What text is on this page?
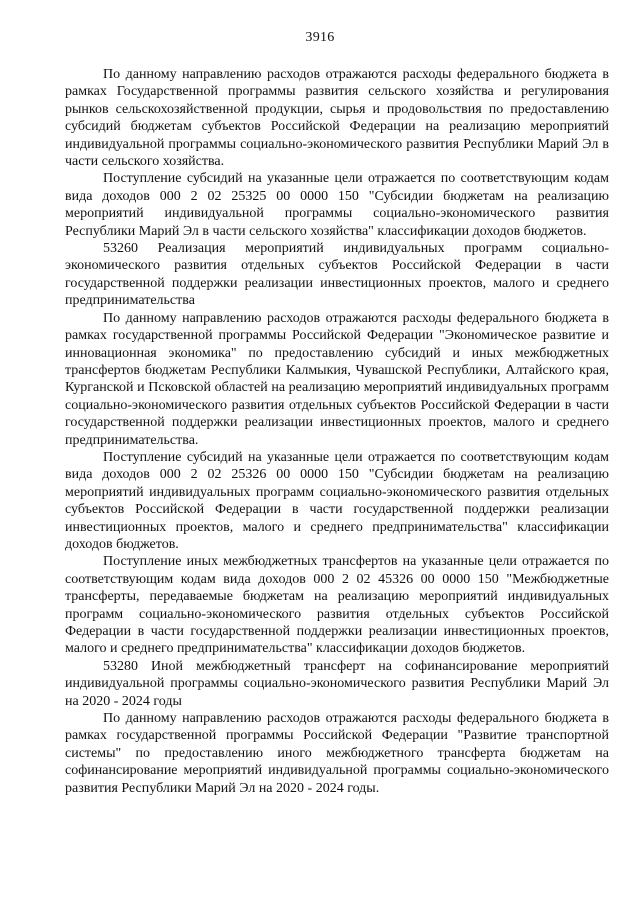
3916

По данному направлению расходов отражаются расходы федерального бюджета в рамках Государственной программы развития сельского хозяйства и регулирования рынков сельскохозяйственной продукции, сырья и продовольствия по предоставлению субсидий бюджетам субъектов Российской Федерации на реализацию мероприятий индивидуальной программы социально-экономического развития Республики Марий Эл в части сельского хозяйства.

Поступление субсидий на указанные цели отражается по соответствующим кодам вида доходов 000 2 02 25325 00 0000 150 "Субсидии бюджетам на реализацию мероприятий индивидуальной программы социально-экономического развития Республики Марий Эл в части сельского хозяйства" классификации доходов бюджетов.

53260 Реализация мероприятий индивидуальных программ социально-экономического развития отдельных субъектов Российской Федерации в части государственной поддержки реализации инвестиционных проектов, малого и среднего предпринимательства

По данному направлению расходов отражаются расходы федерального бюджета в рамках государственной программы Российской Федерации "Экономическое развитие и инновационная экономика" по предоставлению субсидий и иных межбюджетных трансфертов бюджетам Республики Калмыкия, Чувашской Республики, Алтайского края, Курганской и Псковской областей на реализацию мероприятий индивидуальных программ социально-экономического развития отдельных субъектов Российской Федерации в части государственной поддержки реализации инвестиционных проектов, малого и среднего предпринимательства.

Поступление субсидий на указанные цели отражается по соответствующим кодам вида доходов 000 2 02 25326 00 0000 150 "Субсидии бюджетам на реализацию мероприятий индивидуальных программ социально-экономического развития отдельных субъектов Российской Федерации в части государственной поддержки реализации инвестиционных проектов, малого и среднего предпринимательства" классификации доходов бюджетов.

Поступление иных межбюджетных трансфертов на указанные цели отражается по соответствующим кодам вида доходов 000 2 02 45326 00 0000 150 "Межбюджетные трансферты, передаваемые бюджетам на реализацию мероприятий индивидуальных программ социально-экономического развития отдельных субъектов Российской Федерации в части государственной поддержки реализации инвестиционных проектов, малого и среднего предпринимательства" классификации доходов бюджетов.

53280 Иной межбюджетный трансферт на софинансирование мероприятий индивидуальной программы социально-экономического развития Республики Марий Эл на 2020 - 2024 годы

По данному направлению расходов отражаются расходы федерального бюджета в рамках государственной программы Российской Федерации "Развитие транспортной системы" по предоставлению иного межбюджетного трансферта бюджетам на софинансирование мероприятий индивидуальной программы социально-экономического развития Республики Марий Эл на 2020 - 2024 годы.
